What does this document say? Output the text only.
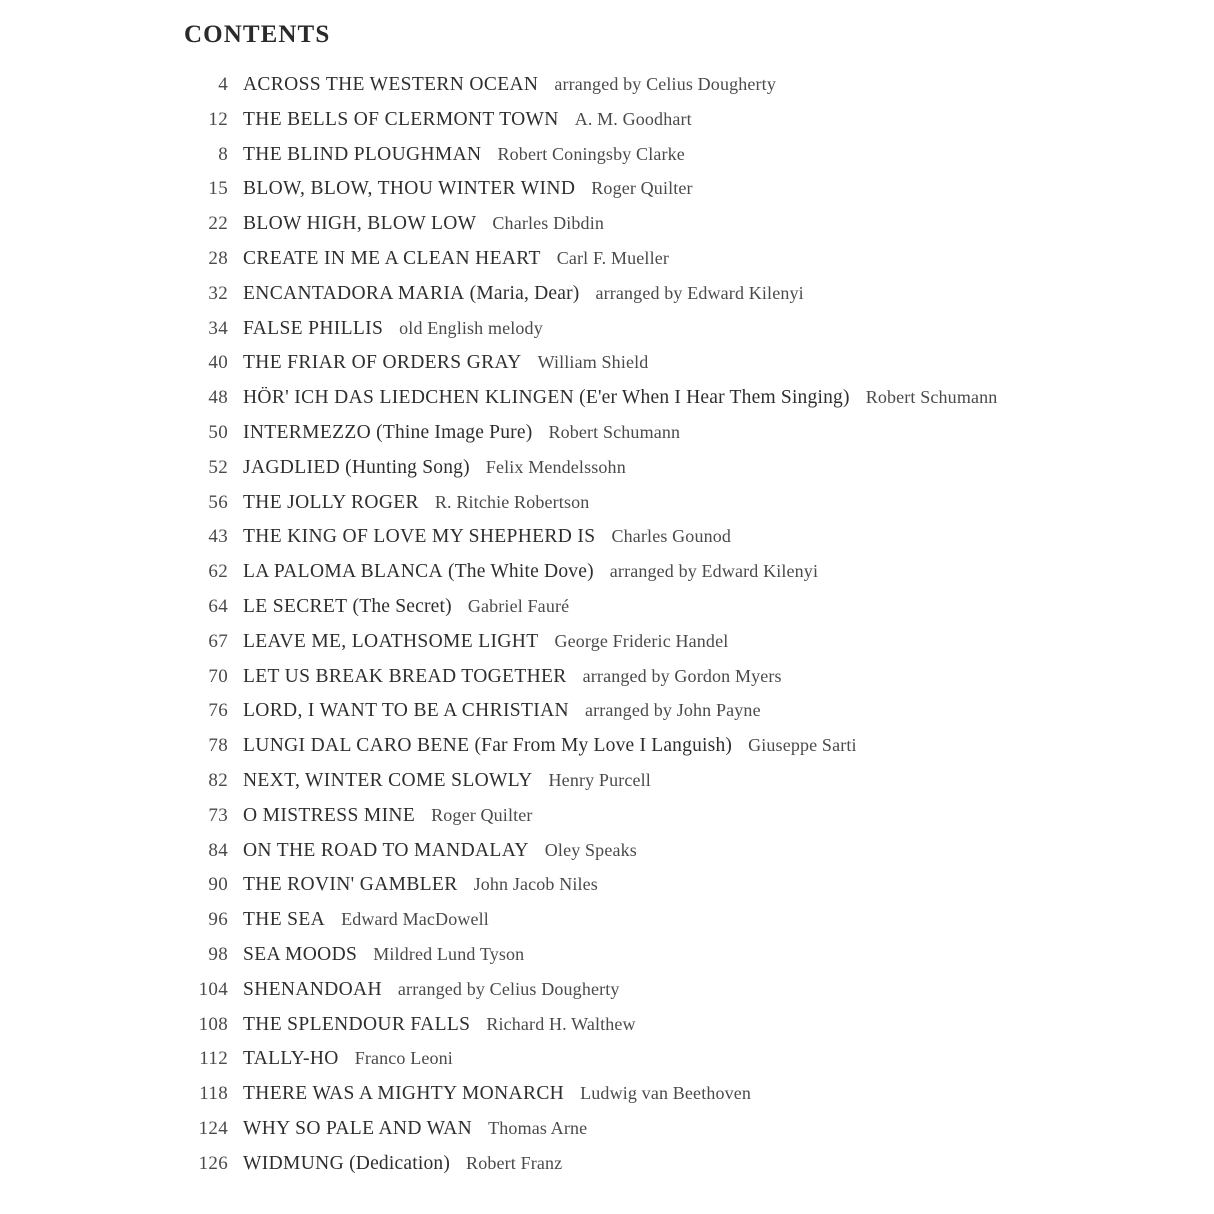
CONTENTS
4 ACROSS THE WESTERN OCEAN arranged by Celius Dougherty
12 THE BELLS OF CLERMONT TOWN A. M. Goodhart
8 THE BLIND PLOUGHMAN Robert Coningsby Clarke
15 BLOW, BLOW, THOU WINTER WIND Roger Quilter
22 BLOW HIGH, BLOW LOW Charles Dibdin
28 CREATE IN ME A CLEAN HEART Carl F. Mueller
32 ENCANTADORA MARIA (Maria, Dear) arranged by Edward Kilenyi
34 FALSE PHILLIS old English melody
40 THE FRIAR OF ORDERS GRAY William Shield
48 HÖR' ICH DAS LIEDCHEN KLINGEN (E'er When I Hear Them Singing) Robert Schumann
50 INTERMEZZO (Thine Image Pure) Robert Schumann
52 JAGDLIED (Hunting Song) Felix Mendelssohn
56 THE JOLLY ROGER R. Ritchie Robertson
43 THE KING OF LOVE MY SHEPHERD IS Charles Gounod
62 LA PALOMA BLANCA (The White Dove) arranged by Edward Kilenyi
64 LE SECRET (The Secret) Gabriel Fauré
67 LEAVE ME, LOATHSOME LIGHT George Frideric Handel
70 LET US BREAK BREAD TOGETHER arranged by Gordon Myers
76 LORD, I WANT TO BE A CHRISTIAN arranged by John Payne
78 LUNGI DAL CARO BENE (Far From My Love I Languish) Giuseppe Sarti
82 NEXT, WINTER COME SLOWLY Henry Purcell
73 O MISTRESS MINE Roger Quilter
84 ON THE ROAD TO MANDALAY Oley Speaks
90 THE ROVIN' GAMBLER John Jacob Niles
96 THE SEA Edward MacDowell
98 SEA MOODS Mildred Lund Tyson
104 SHENANDOAH arranged by Celius Dougherty
108 THE SPLENDOUR FALLS Richard H. Walthew
112 TALLY-HO Franco Leoni
118 THERE WAS A MIGHTY MONARCH Ludwig van Beethoven
124 WHY SO PALE AND WAN Thomas Arne
126 WIDMUNG (Dedication) Robert Franz
